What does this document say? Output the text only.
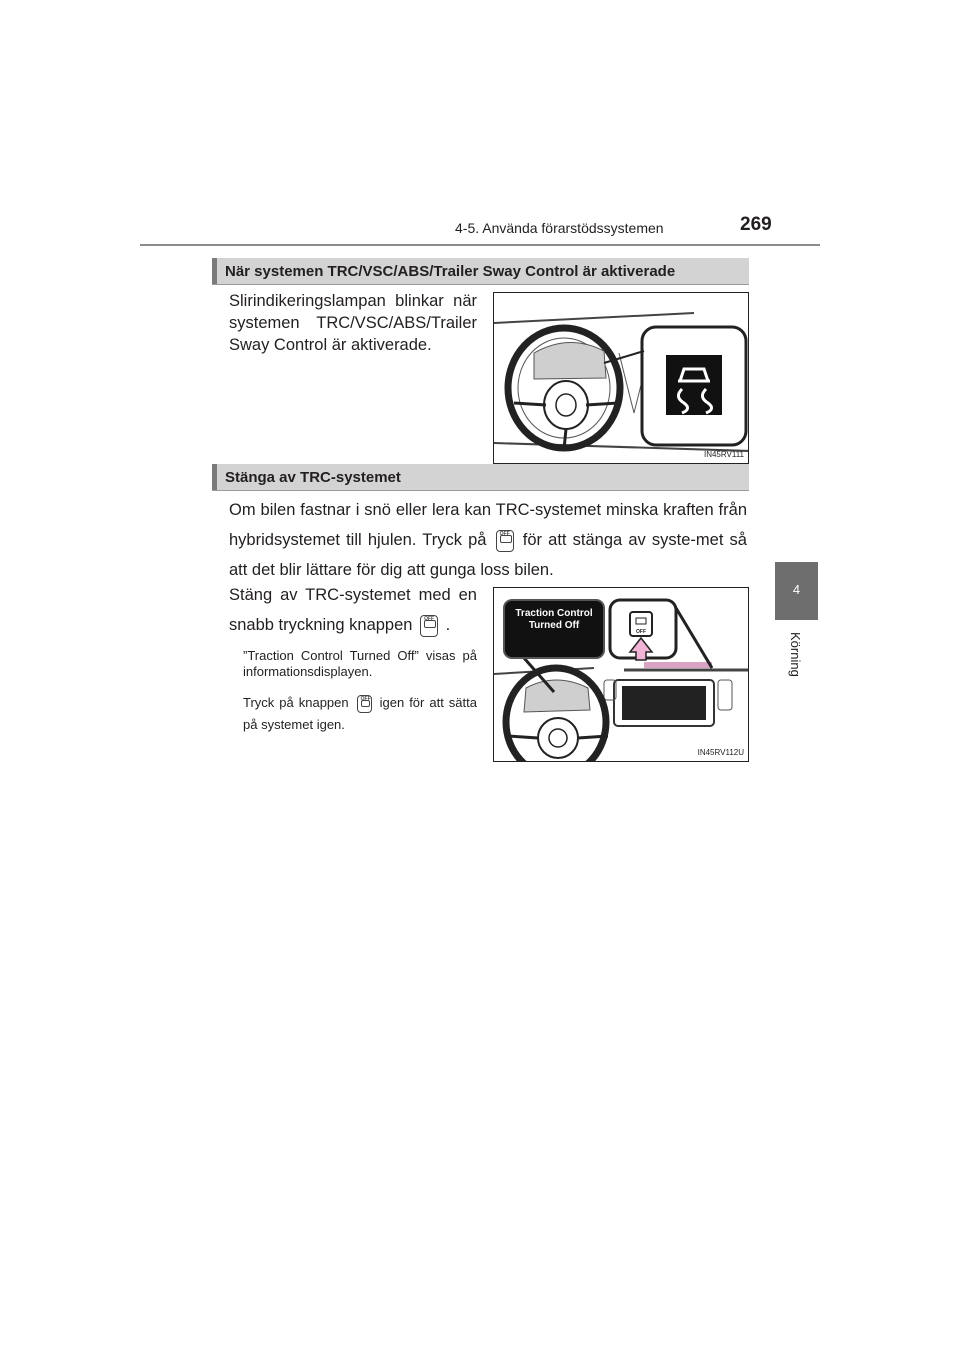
4-5. Använda förarstödssystemen	269
4
Körning
När systemen TRC/VSC/ABS/Trailer Sway Control är aktiverade
Slirindikeringslampan blinkar när systemen TRC/VSC/ABS/Trailer Sway Control är aktiverade.
IN45RV111
Stänga av TRC-systemet
Om bilen fastnar i snö eller lera kan TRC-systemet minska kraften från hybridsystemet till hjulen. Tryck på	OFF för att stänga av syste-met så att det blir lättare för dig att gunga loss bilen.
Stäng av TRC-systemet med en snabb tryckning knappen OFF .
”Traction Control Turned Off” visas på informationsdisplayen.
Tryck på knappen OFF igen för att sätta på systemet igen.
OFF
Traction Control
Turned Off
IN45RV112U
